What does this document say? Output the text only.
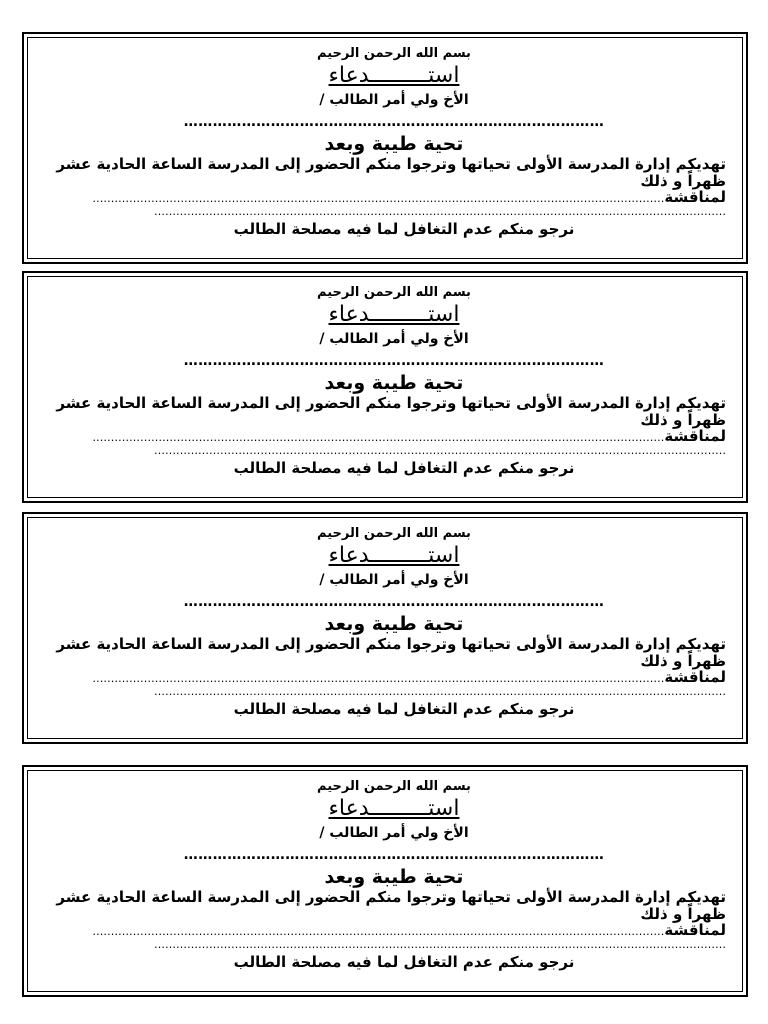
بسم الله الرحمن الرحيم
استـــــــــدعاء
الأخ ولي أمر الطالب /
……………………………………………………………………………
تحية طيبة وبعد
تهديكم إدارة المدرسة الأولى تحياتها وترجوا منكم الحضور إلى المدرسة الساعة الحادية عشر ظهراً و ذلك
…………………………………………………………………………………………………………………………………………لمناقشة
…………………………………………………………………………………………………………………………………………
نرجو منكم عدم التغافل لما فيه مصلحة الطالب
بسم الله الرحمن الرحيم
استـــــــــدعاء
الأخ ولي أمر الطالب /
……………………………………………………………………………
تحية طيبة وبعد
تهديكم إدارة المدرسة الأولى تحياتها وترجوا منكم الحضور إلى المدرسة الساعة الحادية عشر ظهراً و ذلك
…………………………………………………………………………………………………………………………………………لمناقشة
…………………………………………………………………………………………………………………………………………
نرجو منكم عدم التغافل لما فيه مصلحة الطالب
بسم الله الرحمن الرحيم
استـــــــــدعاء
الأخ ولي أمر الطالب /
……………………………………………………………………………
تحية طيبة وبعد
تهديكم إدارة المدرسة الأولى تحياتها وترجوا منكم الحضور إلى المدرسة الساعة الحادية عشر ظهراً و ذلك
…………………………………………………………………………………………………………………………………………لمناقشة
…………………………………………………………………………………………………………………………………………
نرجو منكم عدم التغافل لما فيه مصلحة الطالب
بسم الله الرحمن الرحيم
استـــــــــدعاء
الأخ ولي أمر الطالب /
……………………………………………………………………………
تحية طيبة وبعد
تهديكم إدارة المدرسة الأولى تحياتها وترجوا منكم الحضور إلى المدرسة الساعة الحادية عشر ظهراً و ذلك
…………………………………………………………………………………………………………………………………………لمناقشة
…………………………………………………………………………………………………………………………………………
نرجو منكم عدم التغافل لما فيه مصلحة الطالب
